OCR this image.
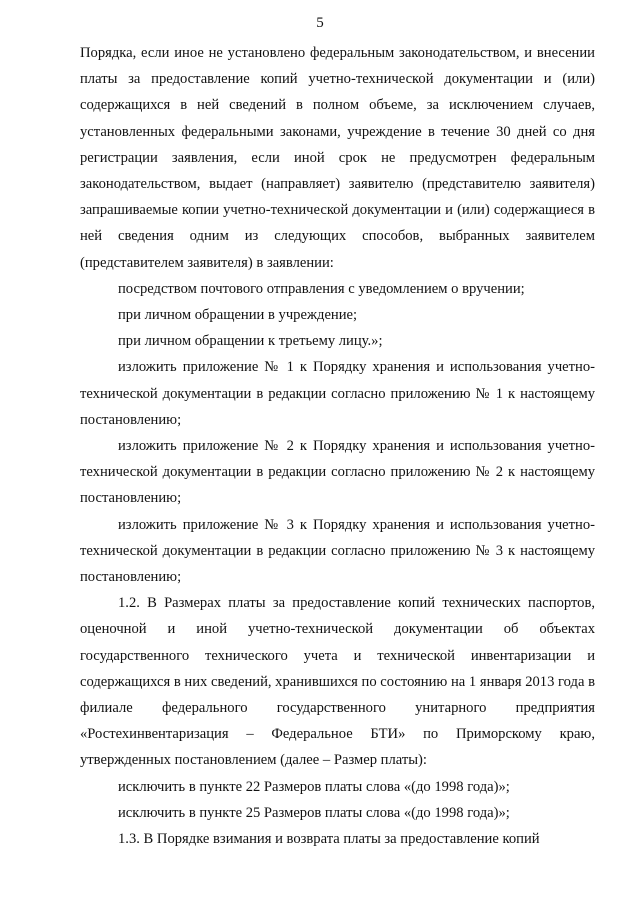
5

Порядка, если иное не установлено федеральным законодательством, и внесении платы за предоставление копий учетно-технической документации и (или) содержащихся в ней сведений в полном объеме, за исключением случаев, установленных федеральными законами, учреждение в течение 30 дней со дня регистрации заявления, если иной срок не предусмотрен федеральным законодательством, выдает (направляет) заявителю (представителю заявителя) запрашиваемые копии учетно-технической документации и (или) содержащиеся в ней сведения одним из следующих способов, выбранных заявителем (представителем заявителя) в заявлении:

посредством почтового отправления с уведомлением о вручении;

при личном обращении в учреждение;

при личном обращении к третьему лицу.»;

изложить приложение № 1 к Порядку хранения и использования учетно-технической документации в редакции согласно приложению № 1 к настоящему постановлению;

изложить приложение № 2 к Порядку хранения и использования учетно-технической документации в редакции согласно приложению № 2 к настоящему постановлению;

изложить приложение № 3 к Порядку хранения и использования учетно-технической документации в редакции согласно приложению № 3 к настоящему постановлению;

1.2. В Размерах платы за предоставление копий технических паспортов, оценочной и иной учетно-технической документации об объектах государственного технического учета и технической инвентаризации и содержащихся в них сведений, хранившихся по состоянию на 1 января 2013 года в филиале федерального государственного унитарного предприятия «Ростехинвентаризация – Федеральное БТИ» по Приморскому краю, утвержденных постановлением (далее – Размер платы):

исключить в пункте 22 Размеров платы слова «(до 1998 года)»;

исключить в пункте 25 Размеров платы слова «(до 1998 года)»;

1.3. В Порядке взимания и возврата платы за предоставление копий
